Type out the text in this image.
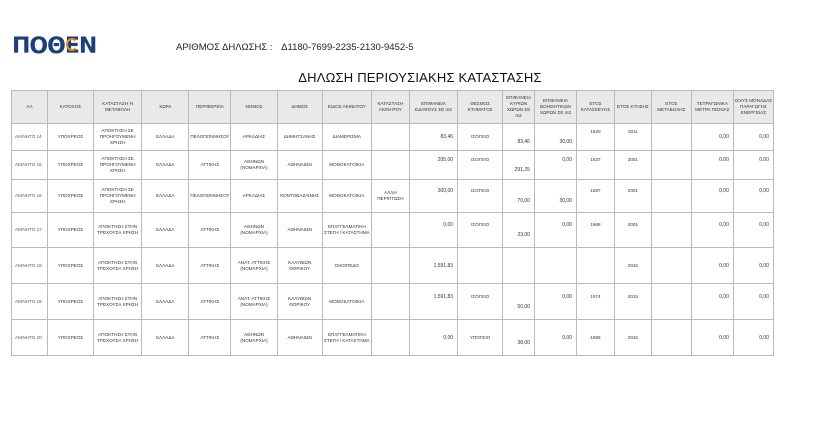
ΠΟΘΕΝ	ΑΡΙΘΜΟΣ ΔΗΛΩΣΗΣ : Δ1180-7699-2235-2130-9452-5
ΔΗΛΩΣΗ ΠΕΡΙΟΥΣΙΑΚΗΣ ΚΑΤΑΣΤΑΣΗΣ
ΑΑ	ΚΑΤΟΧΟΣ	ΚΑΤΑΣΤΑΣΗ Ή ΜΕΤΑΒΟΛΗ	ΧΩΡΑ	ΠΕΡΙΦΕΡΕΙΑ	ΝΟΜΟΣ	ΔΗΜΟΣ	ΕΙΔΟΣ ΑΚΙΝΗΤΟΥ	ΚΑΤΑΣΤΑΣΗ ΑΚΙΝΗΤΟΥ	ΕΠΙΦΑΝΕΙΑ ΕΔΑΦΟΥΣ ΣΕ m2	ΘΕΣΜΟΣ ΚΤΗΜΑΤΟΣ	ΕΠΙΦΑΝΕΙΑ ΚΥΡΙΩΝ ΧΩΡΩΝ ΣΕ m2	ΕΠΙΦΑΝΕΙΑ ΒΟΗΘΗΤΙΚΩΝ ΧΩΡΩΝ ΣΕ m2	ΕΤΟΣ ΚΑΤΑΣΚΕΥΗΣ	ΕΤΟΣ ΚΤΗΣΗΣ	ΕΤΟΣ ΜΕΤΑΒΟΛΗΣ	ΤΕΤΡΑΓΩΝΙΚΑ ΜΕΤΡΑ ΠΙΣΙΝΑΣ	ΙΣΧΥΣ ΜΟΝΑΔΑΣ ΠΑΡΑΓΩΓΗΣ ΕΝΕΡΓΕΙΑΣ
ΑΚΙΝΗΤΟ 14	ΥΠΟΧΡΕΟΣ	ΑΠΟΚΤΗΣΗ ΣΕ ΠΡΟΗΓΟΥΜΕΝΗ ΧΡΗΣΗ	ΕΛΛΑΔΑ	ΠΕΛΟΠΟΝΝΗΣΟΥ	ΑΡΚΑΔΙΑΣ	ΔΗΜΗΤΣΑΝΗΣ	ΔΙΑΜΕΡΙΣΜΑ		83,46	ΙΣΟΓΕΙΟ	83,46	30,00	1920	2011		0,00	0,00
ΑΚΙΝΗΤΟ 15	ΥΠΟΧΡΕΟΣ	ΑΠΟΚΤΗΣΗ ΣΕ ΠΡΟΗΓΟΥΜΕΝΗ ΧΡΗΣΗ	ΕΛΛΑΔΑ	ΑΤΤΙΚΗΣ	ΑΘΗΝΩΝ (ΝΟΜΑΡΧΙΑ)	ΑΘΗΝΑΙΩΝ	ΜΟΝΟΚΑΤΟΙΚΙΑ		205,00	ΙΣΟΓΕΙΟ	291,25	0,00	1937	2001		0,00	0,00
ΑΚΙΝΗΤΟ 16	ΥΠΟΧΡΕΟΣ	ΑΠΟΚΤΗΣΗ ΣΕ ΠΡΟΗΓΟΥΜΕΝΗ ΧΡΗΣΗ	ΕΛΛΑΔΑ	ΠΕΛΟΠΟΝΝΗΣΟΥ	ΑΡΚΑΔΙΑΣ	ΚΟΝΤΟΒΑΖΑΙΝΗΣ	ΜΟΝΟΚΑΤΟΙΚΙΑ	ΑΛΛΗ ΠΕΡΙΠΤΩΣΗ	300,00	ΙΣΟΓΕΙΟ	70,00	30,00	1897	2001		0,00	0,00
ΑΚΙΝΗΤΟ 17	ΥΠΟΧΡΕΟΣ	ΑΠΟΚΤΗΣΗ ΣΤΗΝ ΤΡΕΧΟΥΣΑ ΧΡΗΣΗ	ΕΛΛΑΔΑ	ΑΤΤΙΚΗΣ	ΑΘΗΝΩΝ (ΝΟΜΑΡΧΙΑ)	ΑΘΗΝΑΙΩΝ	ΕΠΑΓΓΕΛΜΑΤΙΚΗ ΣΤΕΓΗ / ΚΑΤΑΣΤΗΜΑ		0,00	ΙΣΟΓΕΙΟ	23,00	0,00	1968	2001		0,00	0,00
ΑΚΙΝΗΤΟ 18	ΥΠΟΧΡΕΟΣ	ΑΠΟΚΤΗΣΗ ΣΤΗΝ ΤΡΕΧΟΥΣΑ ΧΡΗΣΗ	ΕΛΛΑΔΑ	ΑΤΤΙΚΗΣ	ΑΝΑΤ. ΑΤΤΙΚΗΣ (ΝΟΜΑΡΧΙΑ)	ΚΑΛΥΒΙΩΝ ΘΟΡΙΚΟΥ	ΟΙΚΟΠΕΔΟ		1.591,83					2015		0,00	0,00
ΑΚΙΝΗΤΟ 19	ΥΠΟΧΡΕΟΣ	ΑΠΟΚΤΗΣΗ ΣΤΗΝ ΤΡΕΧΟΥΣΑ ΧΡΗΣΗ	ΕΛΛΑΔΑ	ΑΤΤΙΚΗΣ	ΑΝΑΤ. ΑΤΤΙΚΗΣ (ΝΟΜΑΡΧΙΑ)	ΚΑΛΥΒΙΩΝ ΘΟΡΙΚΟΥ	ΜΟΝΟΚΑΤΟΙΚΙΑ		1.591,83	ΙΣΟΓΕΙΟ	50,00	0,00	1974	2015		0,00	0,00
ΑΚΙΝΗΤΟ 20	ΥΠΟΧΡΕΟΣ	ΑΠΟΚΤΗΣΗ ΣΤΗΝ ΤΡΕΧΟΥΣΑ ΧΡΗΣΗ	ΕΛΛΑΔΑ	ΑΤΤΙΚΗΣ	ΑΘΗΝΩΝ (ΝΟΜΑΡΧΙΑ)	ΑΘΗΝΑΙΩΝ	ΕΠΑΓΓΕΛΜΑΤΙΚΗ ΣΤΕΓΗ / ΚΑΤΑΣΤΗΜΑ		0,00	ΥΠΟΓΕΙΟ	38,00	0,00	1968	2015		0,00	0,00
